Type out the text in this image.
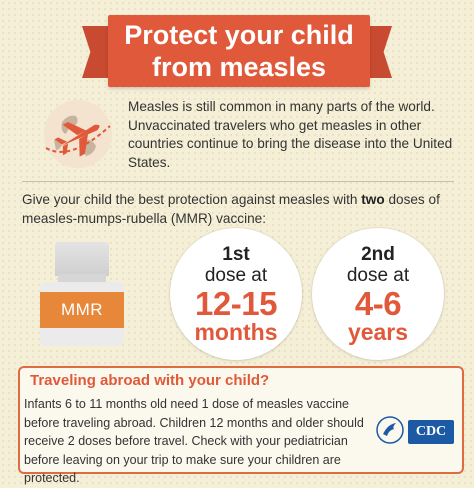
Protect your child
from measles
Measles is still common in many parts of the world. Unvaccinated travelers who get measles in other countries continue to bring the disease into the United States.
Give your child the best protection against measles with two doses of measles-mumps-rubella (MMR) vaccine:
MMR
1st
dose at
12-15
months
2nd
dose at
4-6
years
Traveling abroad with your child?
Infants 6 to 11 months old need 1 dose of measles vaccine before traveling abroad. Children 12 months and older should receive 2 doses before travel. Check with your pediatrician before leaving on your trip to make sure your children are protected.
CDC
